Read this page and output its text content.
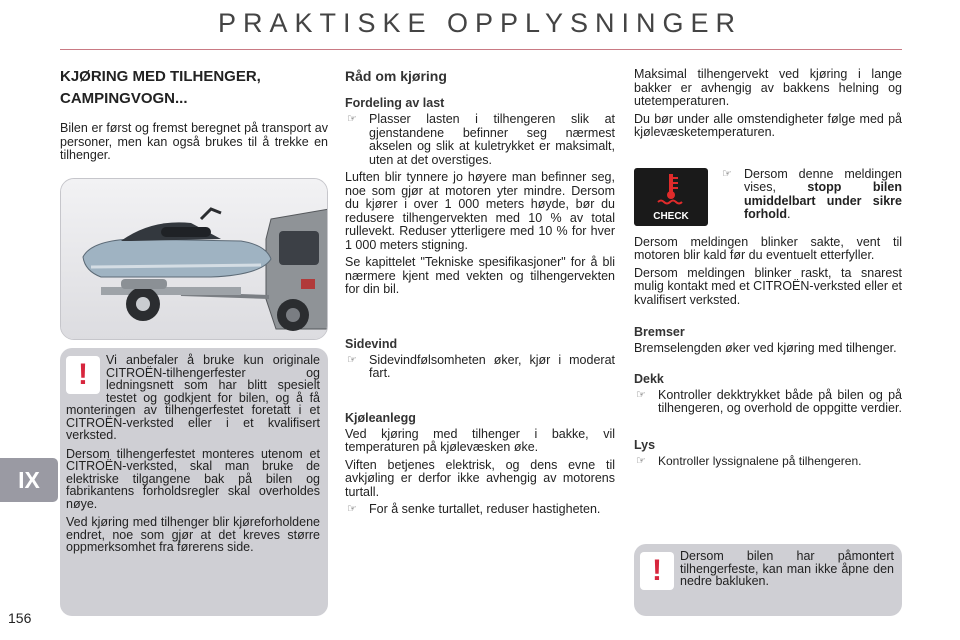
PRAKTISKE OPPLYSNINGER
IX
156
KJØRING MED TILHENGER,
CAMPINGVOGN...

Bilen er først og fremst beregnet på transport av personer, men kan også brukes til å trekke en tilhenger.

!	Vi anbefaler å bruke kun originale CITROËN-tilhengerfester og ledningsnett som har blitt spesielt testet og godkjent for bilen, og å få monteringen av tilhengerfestet foretatt i et CITROËN-verksted eller i et kvalifisert verksted.

Dersom tilhengerfestet monteres utenom et CITROËN-verksted, skal man bruke de elektriske tilgangene bak på bilen og fabrikantens forholdsregler skal overholdes nøye.

Ved kjøring med tilhenger blir kjøreforholdene endret, noe som gjør at det kreves større oppmerksomhet fra førerens side.

Råd om kjøring
Fordeling av last
☞ Plasser lasten i tilhengeren slik at gjenstandene befinner seg nærmest akselen og slik at kuletrykket er maksimalt, uten at det overstiges.

Luften blir tynnere jo høyere man befinner seg, noe som gjør at motoren yter mindre. Dersom du kjører i over 1 000 meters høyde, bør du redusere tilhengervekten med 10 % av total rullevekt. Reduser ytterligere med 10 % for hver 1 000 meters stigning.

Se kapittelet "Tekniske spesifikasjoner" for å bli nærmere kjent med vekten og tilhengervekten for din bil.

Sidevind
☞ Sidevindfølsomheten øker, kjør i moderat fart.
Kjøleanlegg

Ved kjøring med tilhenger i bakke, vil temperaturen på kjølevæsken øke.

Viften betjenes elektrisk, og dens evne til avkjøling er derfor ikke avhengig av motorens turtall.

☞ For å senke turtallet, reduser hastigheten.

Maksimal tilhengervekt ved kjøring i lange bakker er avhengig av bakkens helning og utetemperaturen.

Du bør under alle omstendigheter følge med på kjølevæsketemperaturen.

CHECK
☞ Dersom denne meldingen vises,	stopp bilen umiddelbart under sikre forhold.

Dersom meldingen blinker sakte, vent til motoren blir kald før du eventuelt etterfyller.

Dersom meldingen blinker raskt, ta snarest mulig kontakt med et CITROËN-verksted eller et kvalifisert verksted.

Bremser

Bremselengden øker ved kjøring med tilhenger.

Dekk
☞ Kontroller dekktrykket både på bilen og på tilhengeren, og overhold de oppgitte verdier.
Lys
☞	Kontroller lyssignalene på tilhengeren.
!	Dersom bilen har påmontert tilhengerfeste, kan man ikke åpne den nedre bakluken.
